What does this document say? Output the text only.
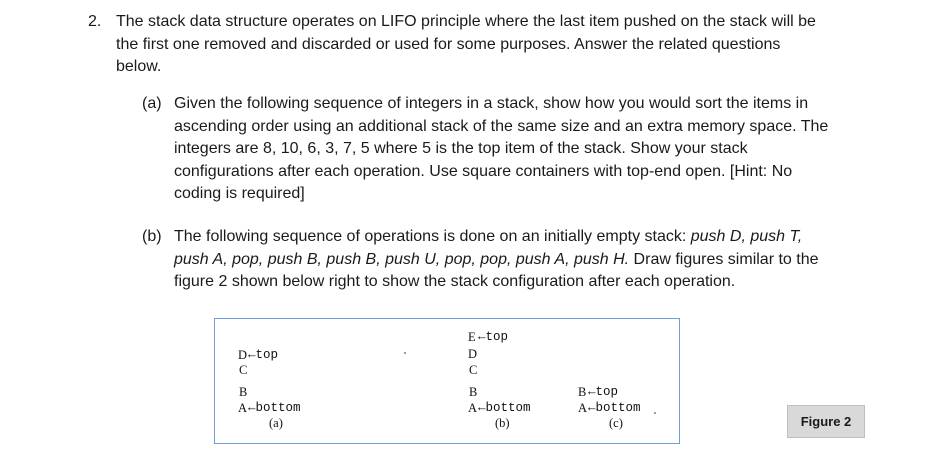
2. The stack data structure operates on LIFO principle where the last item pushed on the stack will be
the first one removed and discarded or used for some purposes. Answer the related questions
below.
(a) Given the following sequence of integers in a stack, show how you would sort the items in
ascending order using an additional stack of the same size and an extra memory space. The
integers are 8, 10, 6, 3, 7, 5 where 5 is the top item of the stack. Show your stack
configurations after each operation. Use square containers with top-end open. [Hint: No
coding is required]
(b) The following sequence of operations is done on an initially empty stack: push D, push T,
push A, pop, push B, push B, push U, pop, pop, push A, push H. Draw figures similar to the
figure 2 shown below right to show the stack configuration after each operation.
D ←top
C
B
A ←bottom
(a)
E ←top
D
C
B
A ←bottom
(b)
B ←top
A ←bottom
(c)	Figure 2
